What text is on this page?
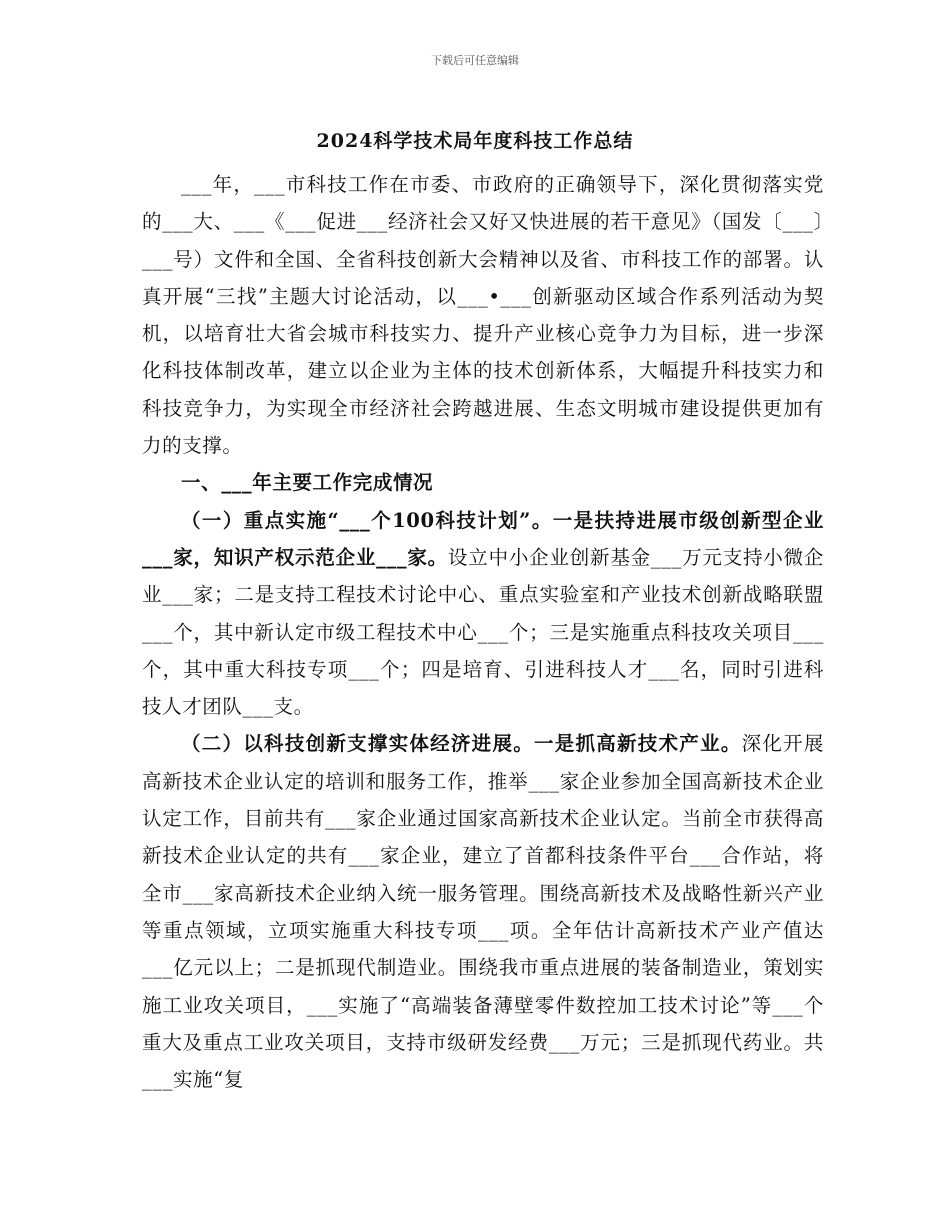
下载后可任意编辑
2024科学技术局年度科技工作总结

___年，___市科技工作在市委、市政府的正确领导下，深化贯彻落实党的___大、___《___促进___经济社会又好又快进展的若干意见》（国发〔___〕___号）文件和全国、全省科技创新大会精神以及省、市科技工作的部署。认真开展“三找”主题大讨论活动，以___•___创新驱动区域合作系列活动为契机，以培育壮大省会城市科技实力、提升产业核心竞争力为目标，进一步深化科技体制改革，建立以企业为主体的技术创新体系，大幅提升科技实力和科技竞争力，为实现全市经济社会跨越进展、生态文明城市建设提供更加有力的支撑。

一、___年主要工作完成情况

（一）重点实施“___个100科技计划”。一是扶持进展市级创新型企业___家，知识产权示范企业___家。设立中小企业创新基金___万元支持小微企业___家；二是支持工程技术讨论中心、重点实验室和产业技术创新战略联盟___个，其中新认定市级工程技术中心___个；三是实施重点科技攻关项目___个，其中重大科技专项___个；四是培育、引进科技人才___名，同时引进科技人才团队___支。

（二）以科技创新支撑实体经济进展。一是抓高新技术产业。深化开展高新技术企业认定的培训和服务工作，推举___家企业参加全国高新技术企业认定工作，目前共有___家企业通过国家高新技术企业认定。当前全市获得高新技术企业认定的共有___家企业，建立了首都科技条件平台___合作站，将全市___家高新技术企业纳入统一服务管理。围绕高新技术及战略性新兴产业等重点领域，立项实施重大科技专项___项。全年估计高新技术产业产值达___亿元以上；二是抓现代制造业。围绕我市重点进展的装备制造业，策划实施工业攻关项目，___实施了“高端装备薄壁零件数控加工技术讨论”等___个重大及重点工业攻关项目，支持市级研发经费___万元；三是抓现代药业。共___实施“复
